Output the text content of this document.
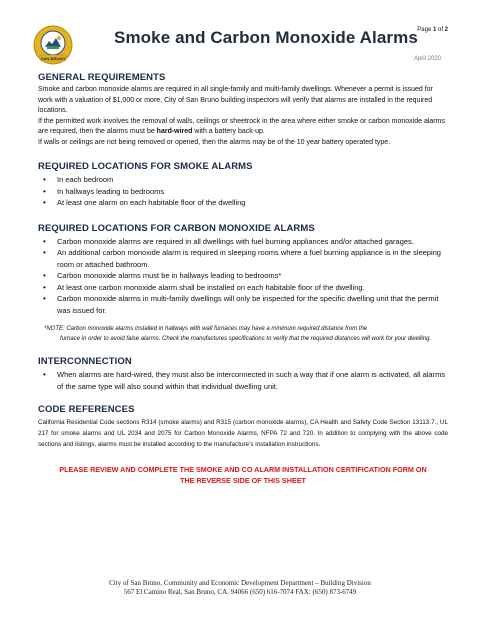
SAN BRUNO
Smoke and Carbon Monoxide Alarms Page 1 of 2
April 2020
GENERAL REQUIREMENTS

Smoke and carbon monoxide alarms are required in all single-family and multi-family dwellings. Whenever a permit is issued for work with a valuation of $1,000 or more, City of San Bruno building inspectors will verify that alarms are installed in the required locations.

If the permitted work involves the removal of walls, ceilings or sheetrock in the area where either smoke or carbon monoxide alarms are required, then the alarms must be hard-wired with a battery back-up.

If walls or ceilings are not being removed or opened, then the alarms may be of the 10 year battery operated type.

REQUIRED LOCATIONS FOR SMOKE ALARMS
• In each bedroom
• In hallways leading to bedrooms
• At least one alarm on each habitable floor of the dwelling
REQUIRED LOCATIONS FOR CARBON MONOXIDE ALARMS
• Carbon monoxide alarms are required in all dwellings with fuel burning appliances and/or attached garages.
• An additional carbon monoxide alarm is required in sleeping rooms where a fuel burning appliance is in the sleeping room or attached bathroom.
• Carbon monoxide alarms must be in hallways leading to bedrooms*
• At least one carbon monoxide alarm shall be installed on each habitable floor of the dwelling.
• Carbon monoxide alarms in multi-family dwellings will only be inspected for the specific dwelling unit that the permit was issued for.
*NOTE: Carbon monoxide alarms installed in hallways with wall furnaces may have a minimum required distance from the
furnace in order to avoid false alarms. Check the manufactures specifications to verify that the required distances will work for your dwelling.
INTERCONNECTION
• When alarms are hard-wired, they must also be interconnected in such a way that if one alarm is activated, all alarms of the same type will also sound within that individual dwelling unit.
CODE REFERENCES

California Residential Code sections R314 (smoke alarms) and R315 (carbon monoxide alarms), CA Health and Safety Code Section 13113.7., UL 217 for smoke alarms and UL 2034 and 2075 for Carbon Monoxide Alarms, NFPA 72 and 720. In addition to complying with the above code sections and listings, alarms must be installed according to the manufacture’s installation instructions.

PLEASE REVIEW AND COMPLETE THE SMOKE AND CO ALARM INSTALLATION CERTIFICATION FORM ON
THE REVERSE SIDE OF THIS SHEET
City of San Bruno, Community and Economic Development Department – Building Division
567 El Camino Real, San Bruno, CA. 94066 (650) 616-7074 FAX: (650) 873-6749
